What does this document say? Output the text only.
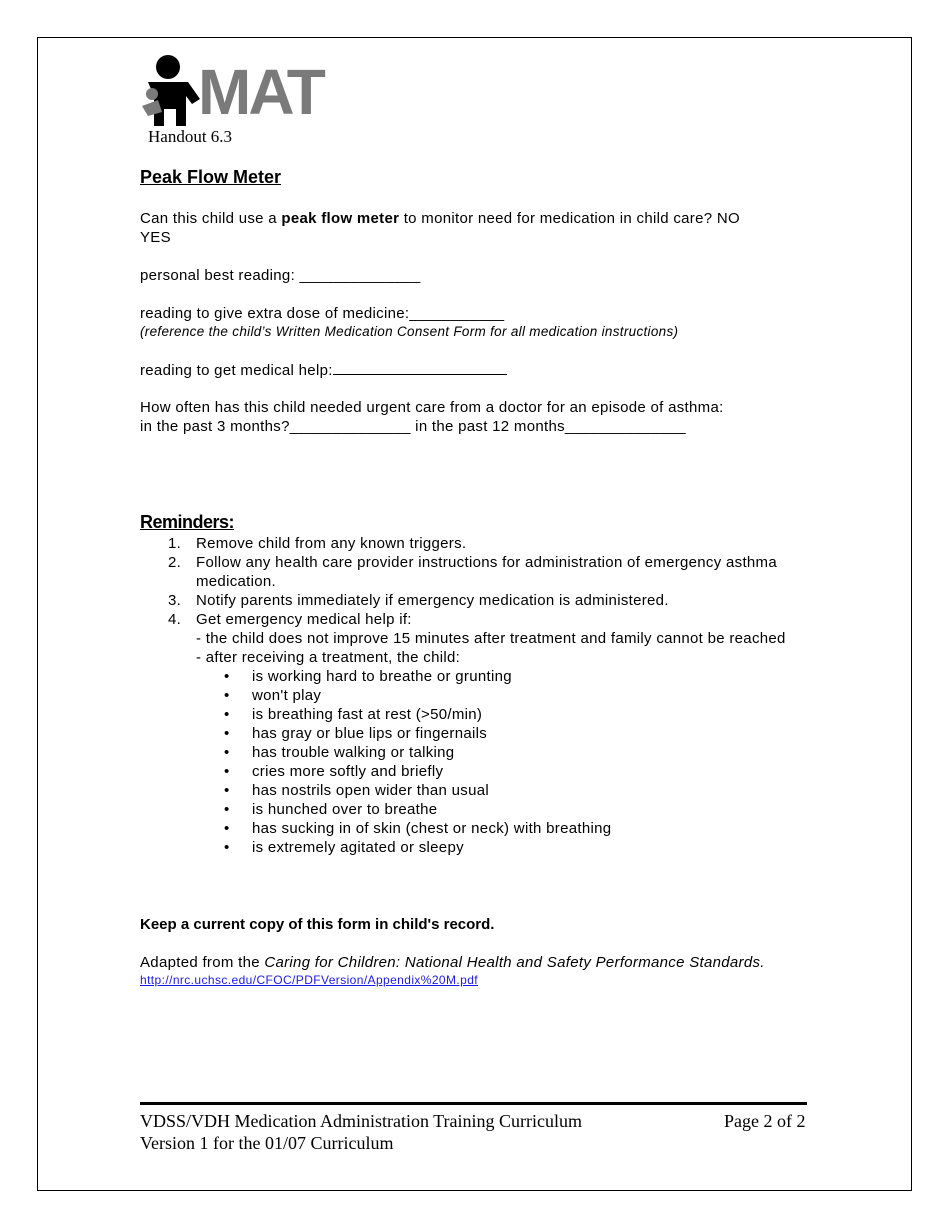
MAT
Handout 6.3
Peak Flow Meter
Can this child use a peak flow meter to monitor need for medication in child care? NO
YES
personal best reading: ______________
reading to give extra dose of medicine:___________
(reference the child’s Written Medication Consent Form for all medication instructions)
reading to get medical help:
How often has this child needed urgent care from a doctor for an episode of asthma:
in the past 3 months?______________ in the past 12 months______________
Reminders:
1. Remove child from any known triggers.
2. Follow any health care provider instructions for administration of emergency asthma medication.
3. Notify parents immediately if emergency medication is administered.
4. Get emergency medical help if:
- the child does not improve 15 minutes after treatment and family cannot be reached
- after receiving a treatment, the child:
• is working hard to breathe or grunting
• won't play
• is breathing fast at rest (>50/min)
• has gray or blue lips or fingernails
• has trouble walking or talking
• cries more softly and briefly
• has nostrils open wider than usual
• is hunched over to breathe
• has sucking in of skin (chest or neck) with breathing
• is extremely agitated or sleepy
Keep a current copy of this form in child's record.
Adapted from the Caring for Children: National Health and Safety Performance Standards.
http://nrc.uchsc.edu/CFOC/PDFVersion/Appendix%20M.pdf
VDSS/VDH Medication Administration Training Curriculum
Version 1 for the 01/07 Curriculum
Page 2 of 2
